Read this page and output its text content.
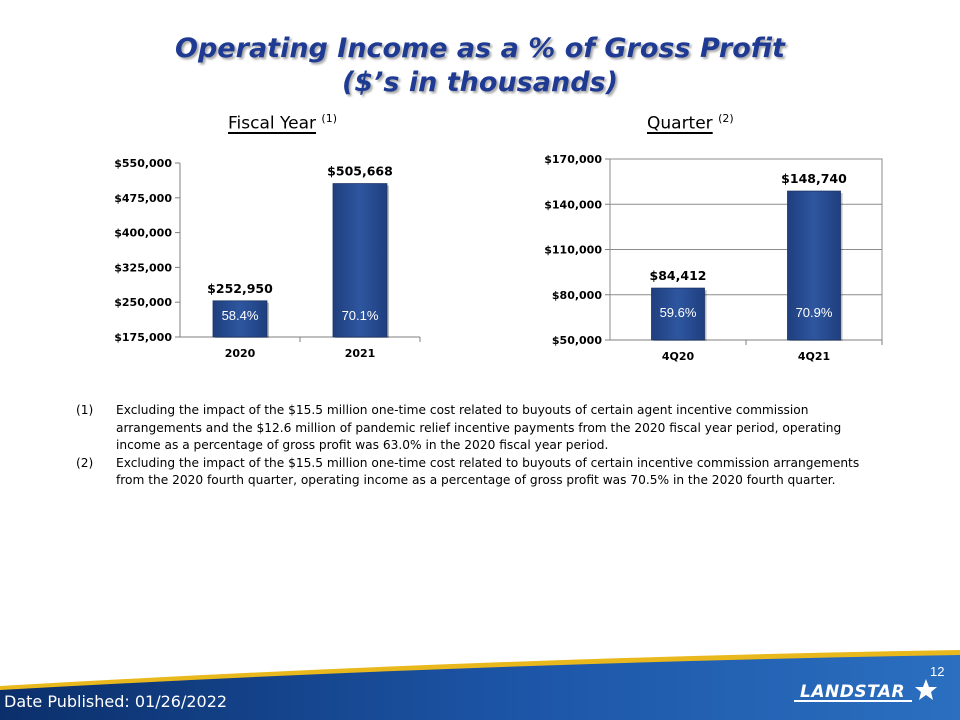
Operating Income as a % of Gross Profit
($’s in thousands)
Fiscal Year $^{(1)}$	Quarter $^{(2)}$
$175,000
$250,000
$325,000
$400,000
$475,000
$550,000
$252,950
58.4%
2020
$505,668
70.1%
2021
$50,000
$80,000
$110,000
$140,000
$170,000
$84,412
59.6%
4Q20
$148,740
70.9%
4Q21
(1)	Excluding the impact of the $15.5 million one-time cost related to buyouts of certain agent incentive commission arrangements and the $12.6 million of pandemic relief incentive payments from the 2020 fiscal year period, operating income as a percentage of gross profit was 63.0% in the 2020 fiscal year period.
(2)	Excluding the impact of the $15.5 million one-time cost related to buyouts of certain incentive commission arrangements from the 2020 fourth quarter, operating income as a percentage of gross profit was 70.5% in the 2020 fourth quarter.
Date Published: 01/26/2022
12
LANDSTAR
